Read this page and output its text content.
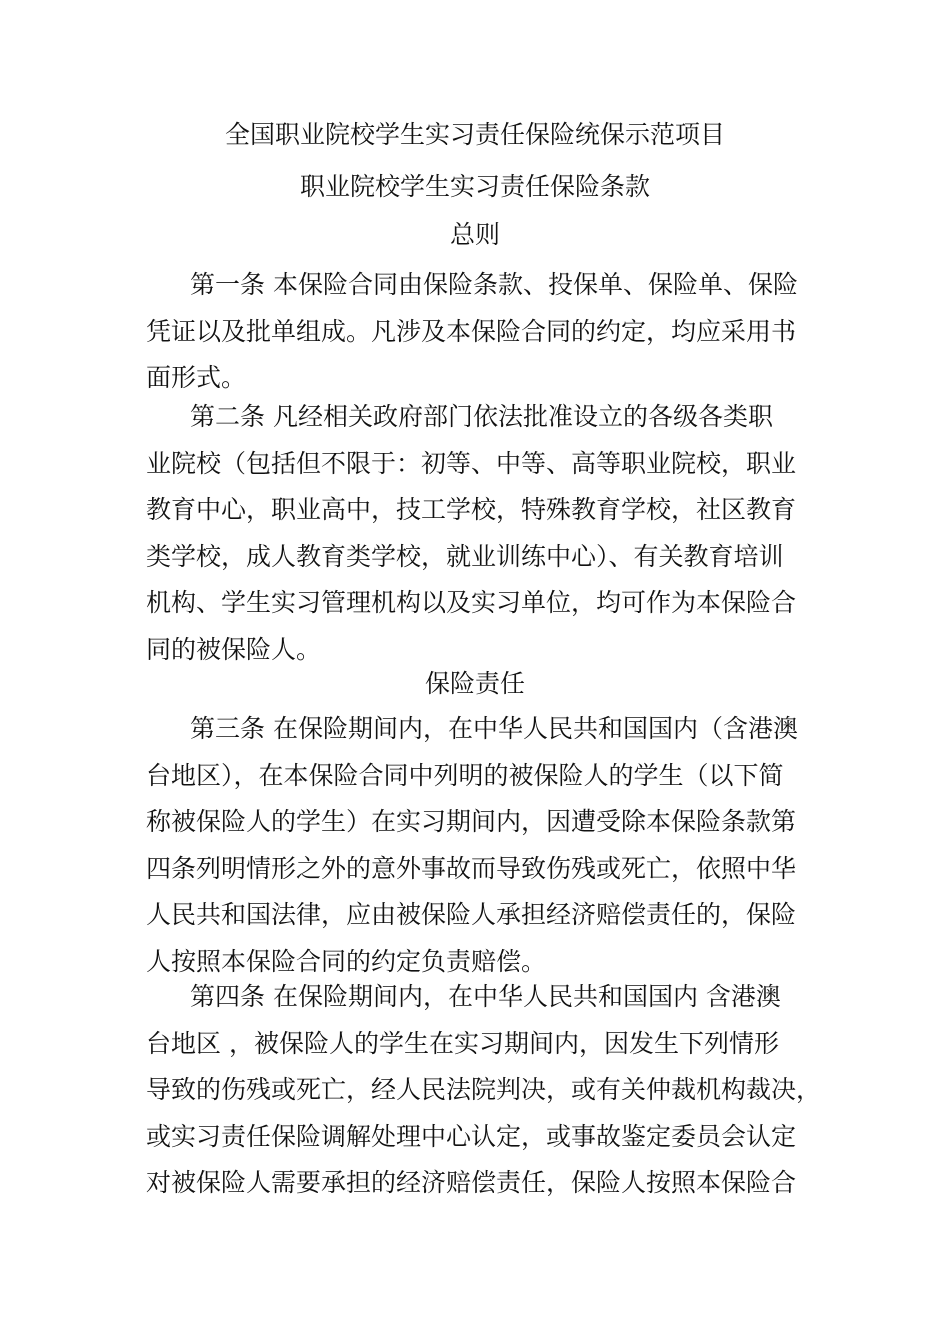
全国职业院校学生实习责任保险统保示范项目
职业院校学生实习责任保险条款
总则
第一条 本保险合同由保险条款、投保单、保险单、保险
凭证以及批单组成。凡涉及本保险合同的约定，均应采用书
面形式。
第二条 凡经相关政府部门依法批准设立的各级各类职
业院校（包括但不限于：初等、中等、高等职业院校，职业
教育中心，职业高中，技工学校，特殊教育学校，社区教育
类学校，成人教育类学校，就业训练中心）、有关教育培训
机构、学生实习管理机构以及实习单位，均可作为本保险合
同的被保险人。
保险责任
第三条 在保险期间内，在中华人民共和国国内（含港澳
台地区），在本保险合同中列明的被保险人的学生（以下简
称被保险人的学生）在实习期间内，因遭受除本保险条款第
四条列明情形之外的意外事故而导致伤残或死亡，依照中华
人民共和国法律，应由被保险人承担经济赔偿责任的，保险
人按照本保险合同的约定负责赔偿。
第四条 在保险期间内，在中华人民共和国国内 含港澳
台地区 ，被保险人的学生在实习期间内，因发生下列情形
导致的伤残或死亡，经人民法院判决，或有关仲裁机构裁决，
或实习责任保险调解处理中心认定，或事故鉴定委员会认定
对被保险人需要承担的经济赔偿责任，保险人按照本保险合
